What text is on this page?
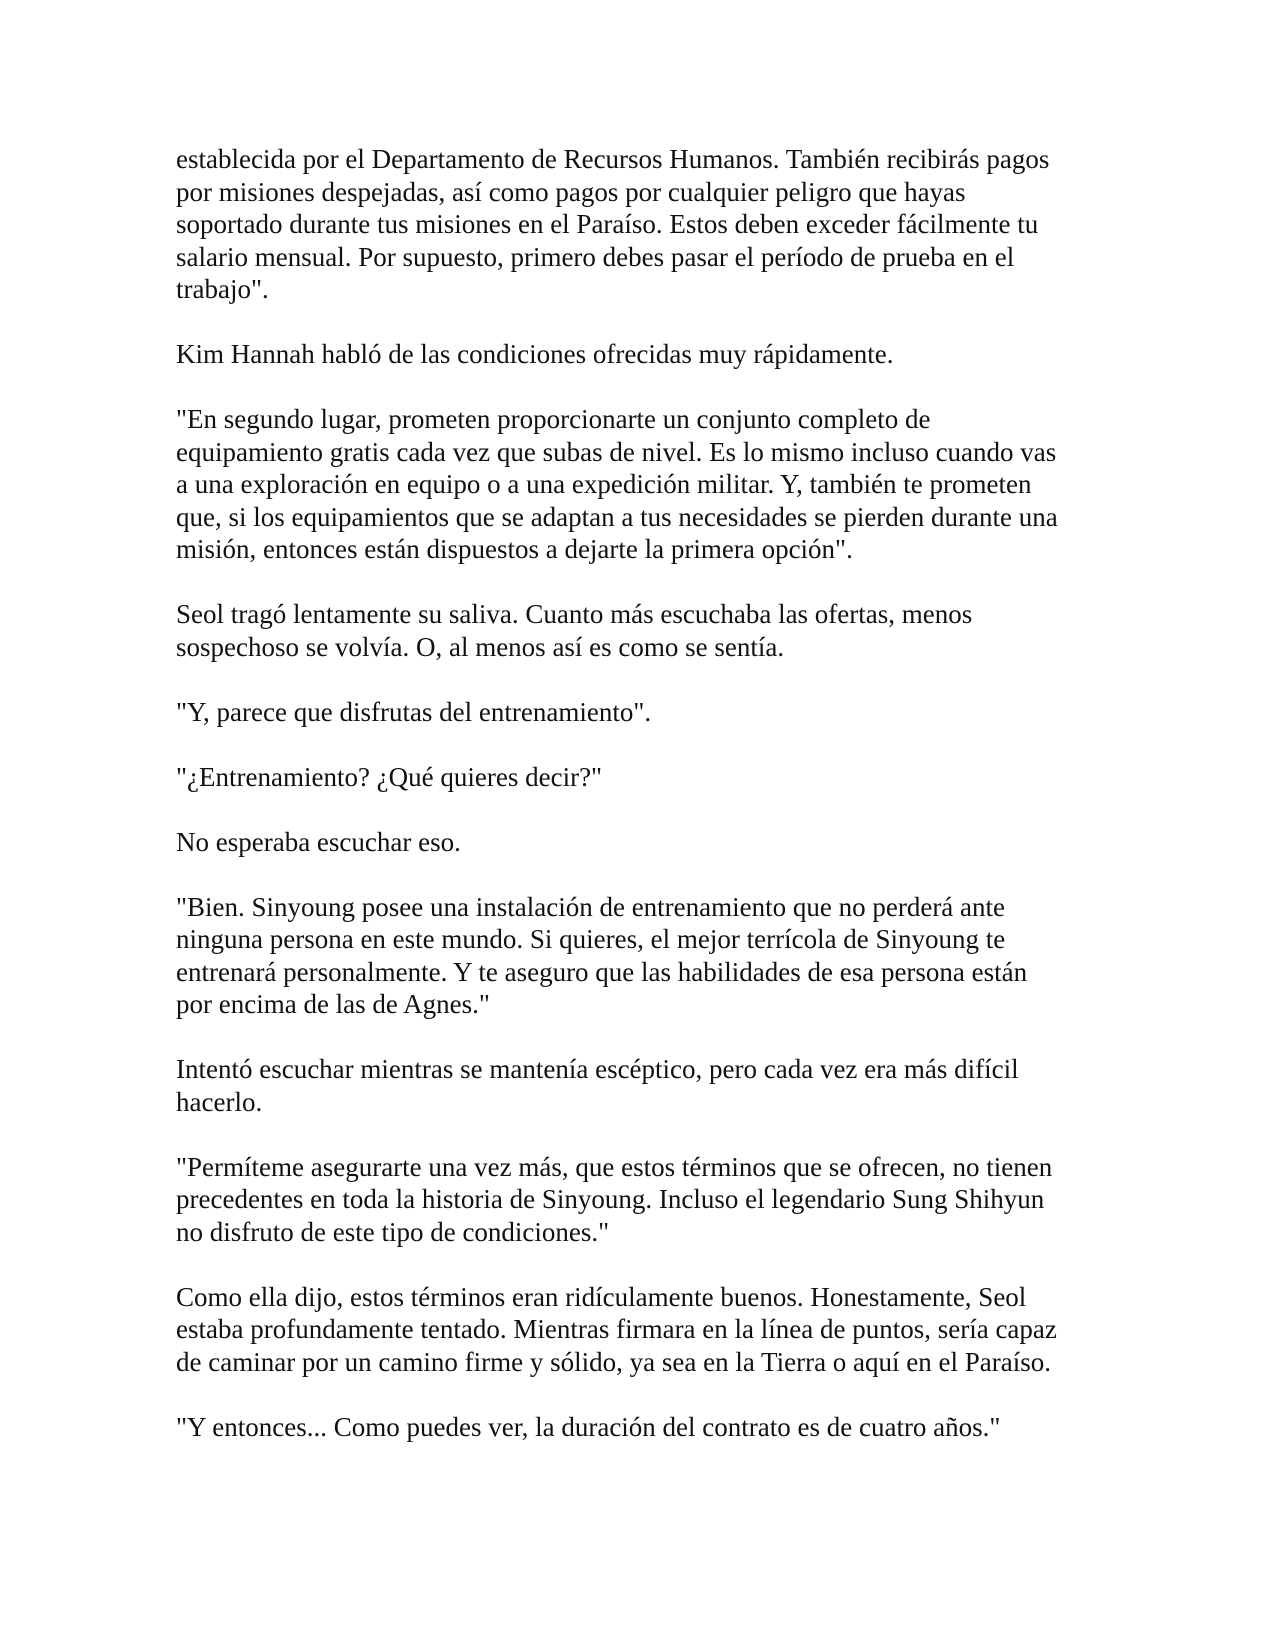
establecida por el Departamento de Recursos Humanos. También recibirás pagos
por misiones despejadas, así como pagos por cualquier peligro que hayas
soportado durante tus misiones en el Paraíso. Estos deben exceder fácilmente tu
salario mensual. Por supuesto, primero debes pasar el período de prueba en el
trabajo".

Kim Hannah habló de las condiciones ofrecidas muy rápidamente.

"En segundo lugar, prometen proporcionarte un conjunto completo de
equipamiento gratis cada vez que subas de nivel. Es lo mismo incluso cuando vas
a una exploración en equipo o a una expedición militar. Y, también te prometen
que, si los equipamientos que se adaptan a tus necesidades se pierden durante una
misión, entonces están dispuestos a dejarte la primera opción".

Seol tragó lentamente su saliva. Cuanto más escuchaba las ofertas, menos
sospechoso se volvía. O, al menos así es como se sentía.

"Y, parece que disfrutas del entrenamiento".

"¿Entrenamiento? ¿Qué quieres decir?"

No esperaba escuchar eso.

"Bien. Sinyoung posee una instalación de entrenamiento que no perderá ante
ninguna persona en este mundo. Si quieres, el mejor terrícola de Sinyoung te
entrenará personalmente. Y te aseguro que las habilidades de esa persona están
por encima de las de Agnes."

Intentó escuchar mientras se mantenía escéptico, pero cada vez era más difícil
hacerlo.

"Permíteme asegurarte una vez más, que estos términos que se ofrecen, no tienen
precedentes en toda la historia de Sinyoung. Incluso el legendario Sung Shihyun
no disfruto de este tipo de condiciones."

Como ella dijo, estos términos eran ridículamente buenos. Honestamente, Seol
estaba profundamente tentado. Mientras firmara en la línea de puntos, sería capaz
de caminar por un camino firme y sólido, ya sea en la Tierra o aquí en el Paraíso.

"Y entonces... Como puedes ver, la duración del contrato es de cuatro años."
